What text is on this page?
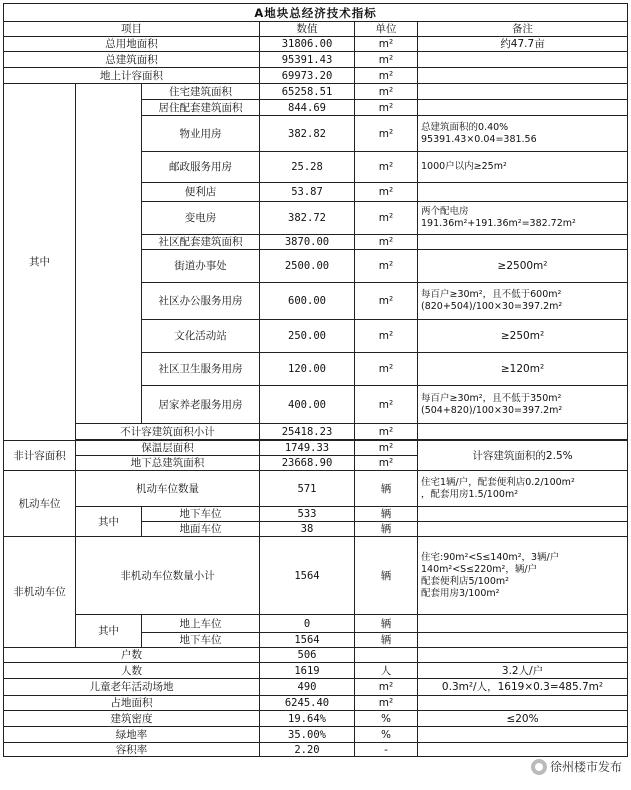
A地块总经济技术指标					
项目			数值	单位	备注
总用地面积			31806.00	m²	约47.7亩
总建筑面积			95391.43	m²	
地上计容面积			69973.20	m²	
其中		住宅建筑面积	65258.51	m²	
		居住配套建筑面积	844.69	m²	
		物业用房	382.82	m²	总建筑面积的0.40%
95391.43×0.04=381.56

		邮政服务用房	25.28	m²	1000户以内≥25m²
		便利店	53.87	m²	
		变电房	382.72	m²	两个配电房
191.36m²+191.36m²=382.72m²

		社区配套建筑面积	3870.00	m²	
		街道办事处	2500.00	m²	≥2500m²
		社区办公服务用房	600.00	m²	每百户≥30m²，且不低于600m²
(820+504)/100×30=397.2m²

		文化活动站	250.00	m²	≥250m²
		社区卫生服务用房	120.00	m²	≥120m²
		居家养老服务用房	400.00	m²	每百户≥30m²，且不低于350m²
(504+820)/100×30=397.2m²

	不计容建筑面积小计		25418.23	m²	

非计容面积	保温层面积		1749.33	m²	计容建筑面积的2.5%
	地下总建筑面积		23668.90	m²	
机动车位	机动车位数量		571	辆	住宅1辆/户，配套便利店0.2/100m²
，配套用房1.5/100m²

	其中	地下车位	533	辆	
		地面车位	38	辆	
非机动车位	非机动车位数量小计		1564	辆	住宅:90m²<S≤140m²，3辆/户
140m²<S≤220m²，辆/户
配套便利店5/100m²
配套用房3/100m²

	其中	地上车位	0	辆	
		地下车位	1564	辆	
户数			506		
人数			1619	人	3.2人/户
儿童老年活动场地			490	m²	0.3m²/人，1619×0.3=485.7m²
占地面积			6245.40	m²	
建筑密度			19.64%	%	≤20%
绿地率			35.00%	%	
容积率			2.20	-	
徐州楼市发布
